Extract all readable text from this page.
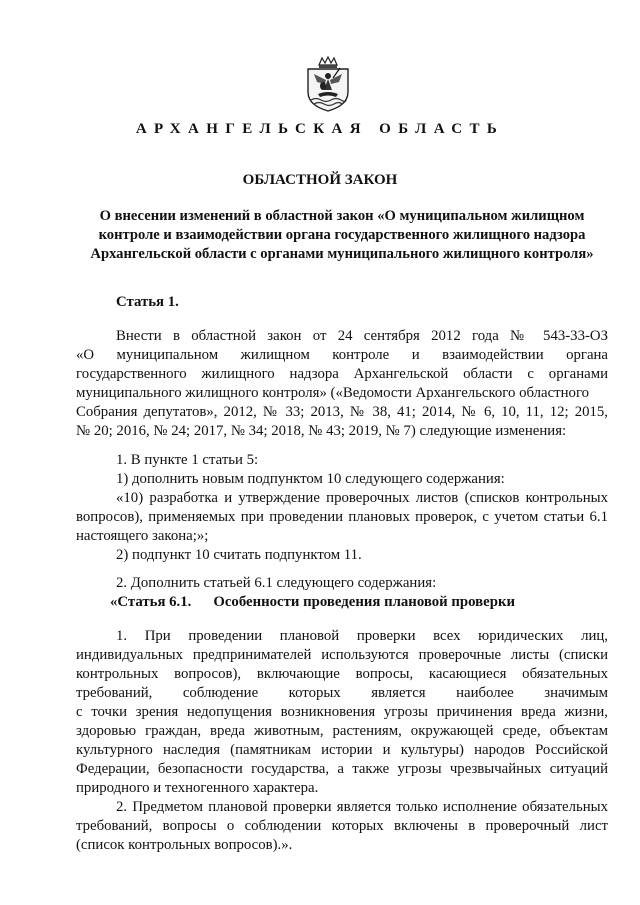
АРХАНГЕЛЬСКАЯ ОБЛАСТЬ
ОБЛАСТНОЙ ЗАКОН
О внесении изменений в областной закон «О муниципальном жилищном
контроле и взаимодействии органа государственного жилищного надзора
Архангельской области с органами муниципального жилищного контроля»
Статья 1.
Внести в областной закон от 24 сентября 2012 года № 543-33-ОЗ
«О муниципальном жилищном контроле и взаимодействии органа
государственного жилищного надзора Архангельской области с органами
муниципального жилищного контроля» («Ведомости Архангельского областного
Собрания депутатов», 2012, № 33; 2013, № 38, 41; 2014, № 6, 10, 11, 12; 2015,
№ 20; 2016, № 24; 2017, № 34; 2018, № 43; 2019, № 7) следующие изменения:
1. В пункте 1 статьи 5:
1) дополнить новым подпунктом 10 следующего содержания:
«10) разработка и утверждение проверочных листов (списков контрольных
вопросов), применяемых при проведении плановых проверок, с учетом статьи 6.1
настоящего закона;»;
2) подпункт 10 считать подпунктом 11.
2. Дополнить статьей 6.1 следующего содержания:
«Статья 6.1. Особенности проведения плановой проверки
1. При проведении плановой проверки всех юридических лиц,
индивидуальных предпринимателей используются проверочные листы (списки
контрольных вопросов), включающие вопросы, касающиеся обязательных
требований, соблюдение которых является наиболее значимым
с точки зрения недопущения возникновения угрозы причинения вреда жизни,
здоровью граждан, вреда животным, растениям, окружающей среде, объектам
культурного наследия (памятникам истории и культуры) народов Российской
Федерации, безопасности государства, а также угрозы чрезвычайных ситуаций
природного и техногенного характера.
2. Предметом плановой проверки является только исполнение обязательных
требований, вопросы о соблюдении которых включены в проверочный лист
(список контрольных вопросов).».
